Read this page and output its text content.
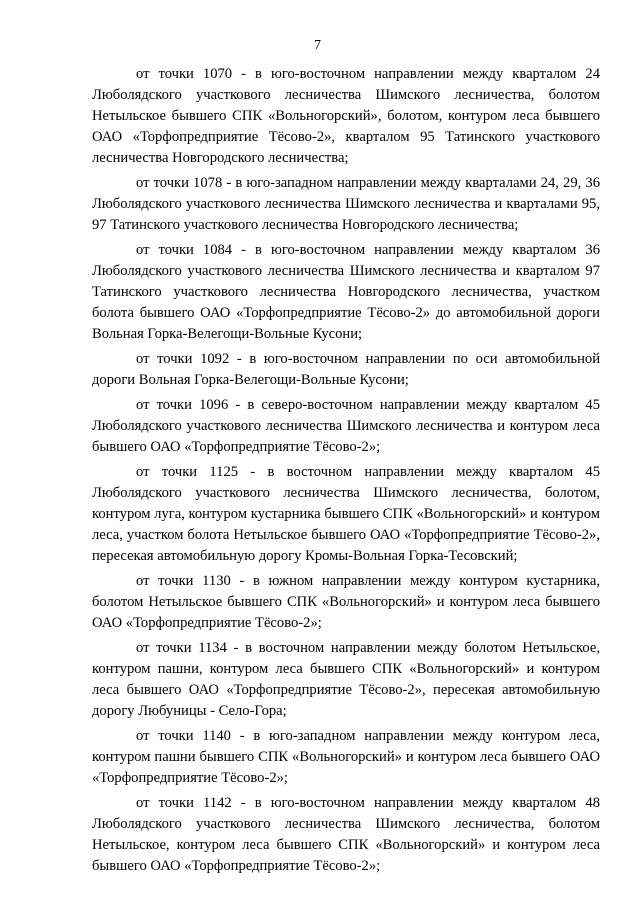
7

от точки 1070 - в юго-восточном направлении между кварталом 24 Люболядского участкового лесничества Шимского лесничества, болотом Нетыльское бывшего СПК «Вольногорский», болотом, контуром леса бывшего ОАО «Торфопредприятие Тёсово-2», кварталом 95 Татинского участкового лесничества Новгородского лесничества;

от точки 1078 - в юго-западном направлении между кварталами 24, 29, 36 Люболядского участкового лесничества Шимского лесничества и кварталами 95, 97 Татинского участкового лесничества Новгородского лесничества;

от точки 1084 - в юго-восточном направлении между кварталом 36 Люболядского участкового лесничества Шимского лесничества и кварталом 97 Татинского участкового лесничества Новгородского лесничества, участком болота бывшего ОАО «Торфопредприятие Тёсово-2» до автомобильной дороги Вольная Горка-Велегощи-Вольные Кусони;

от точки 1092 - в юго-восточном направлении по оси автомобильной дороги Вольная Горка-Велегощи-Вольные Кусони;

от точки 1096 - в северо-восточном направлении между кварталом 45 Люболядского участкового лесничества Шимского лесничества и контуром леса бывшего ОАО «Торфопредприятие Тёсово-2»;

от точки 1125 - в восточном направлении между кварталом 45 Люболядского участкового лесничества Шимского лесничества, болотом, контуром луга, контуром кустарника бывшего СПК «Вольногорский» и контуром леса, участком болота Нетыльское бывшего ОАО «Торфопредприятие Тёсово-2», пересекая автомобильную дорогу Кромы-Вольная Горка-Тесовский;

от точки 1130 - в южном направлении между контуром кустарника, болотом Нетыльское бывшего СПК «Вольногорский» и контуром леса бывшего ОАО «Торфопредприятие Тёсово-2»;

от точки 1134 - в восточном направлении между болотом Нетыльское, контуром пашни, контуром леса бывшего СПК «Вольногорский» и контуром леса бывшего ОАО «Торфопредприятие Тёсово-2», пересекая автомобильную дорогу Любуницы - Село-Гора;

от точки 1140 - в юго-западном направлении между контуром леса, контуром пашни бывшего СПК «Вольногорский» и контуром леса бывшего ОАО «Торфопредприятие Тёсово-2»;

от точки 1142 - в юго-восточном направлении между кварталом 48 Люболядского участкового лесничества Шимского лесничества, болотом Нетыльское, контуром леса бывшего СПК «Вольногорский» и контуром леса бывшего ОАО «Торфопредприятие Тёсово-2»;
